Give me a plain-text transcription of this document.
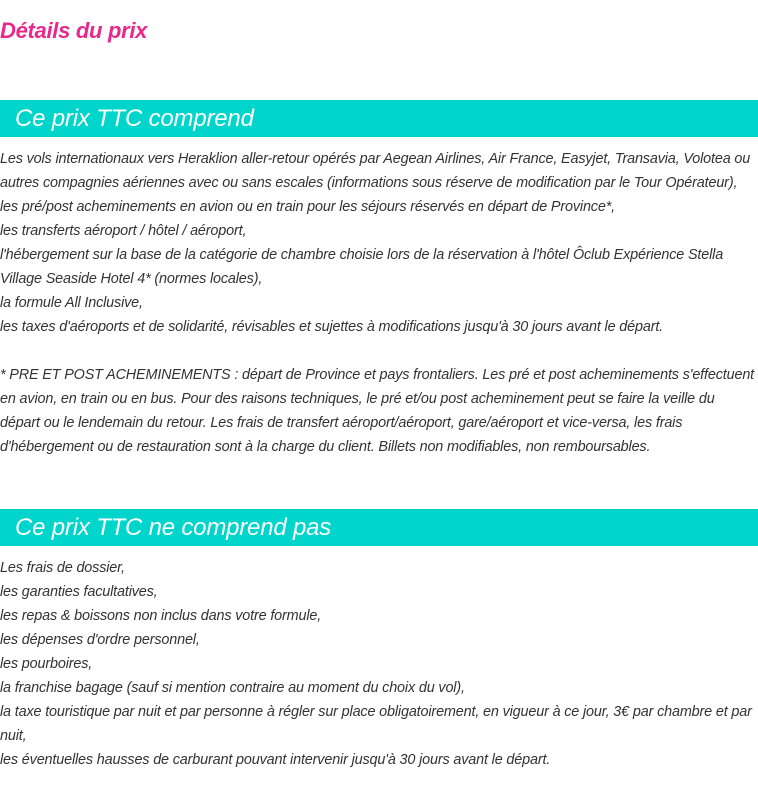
Détails du prix
Ce prix TTC comprend
Les vols internationaux vers Heraklion aller-retour opérés par Aegean Airlines, Air France, Easyjet, Transavia, Volotea ou autres compagnies aériennes avec ou sans escales (informations sous réserve de modification par le Tour Opérateur),
les pré/post acheminements en avion ou en train pour les séjours réservés en départ de Province*,
les transferts aéroport / hôtel / aéroport,
l'hébergement sur la base de la catégorie de chambre choisie lors de la réservation à l'hôtel Ôclub Expérience Stella Village Seaside Hotel 4* (normes locales),
la formule All Inclusive,
les taxes d'aéroports et de solidarité, révisables et sujettes à modifications jusqu'à 30 jours avant le départ.
* PRE ET POST ACHEMINEMENTS : départ de Province et pays frontaliers. Les pré et post acheminements s'effectuent en avion, en train ou en bus. Pour des raisons techniques, le pré et/ou post acheminement peut se faire la veille du départ ou le lendemain du retour. Les frais de transfert aéroport/aéroport, gare/aéroport et vice-versa, les frais d'hébergement ou de restauration sont à la charge du client. Billets non modifiables, non remboursables.
Ce prix TTC ne comprend pas
Les frais de dossier,
les garanties facultatives,
les repas & boissons non inclus dans votre formule,
les dépenses d'ordre personnel,
les pourboires,
la franchise bagage (sauf si mention contraire au moment du choix du vol),
la taxe touristique par nuit et par personne à régler sur place obligatoirement, en vigueur à ce jour, 3€ par chambre et par nuit,
les éventuelles hausses de carburant pouvant intervenir jusqu'à 30 jours avant le départ.
